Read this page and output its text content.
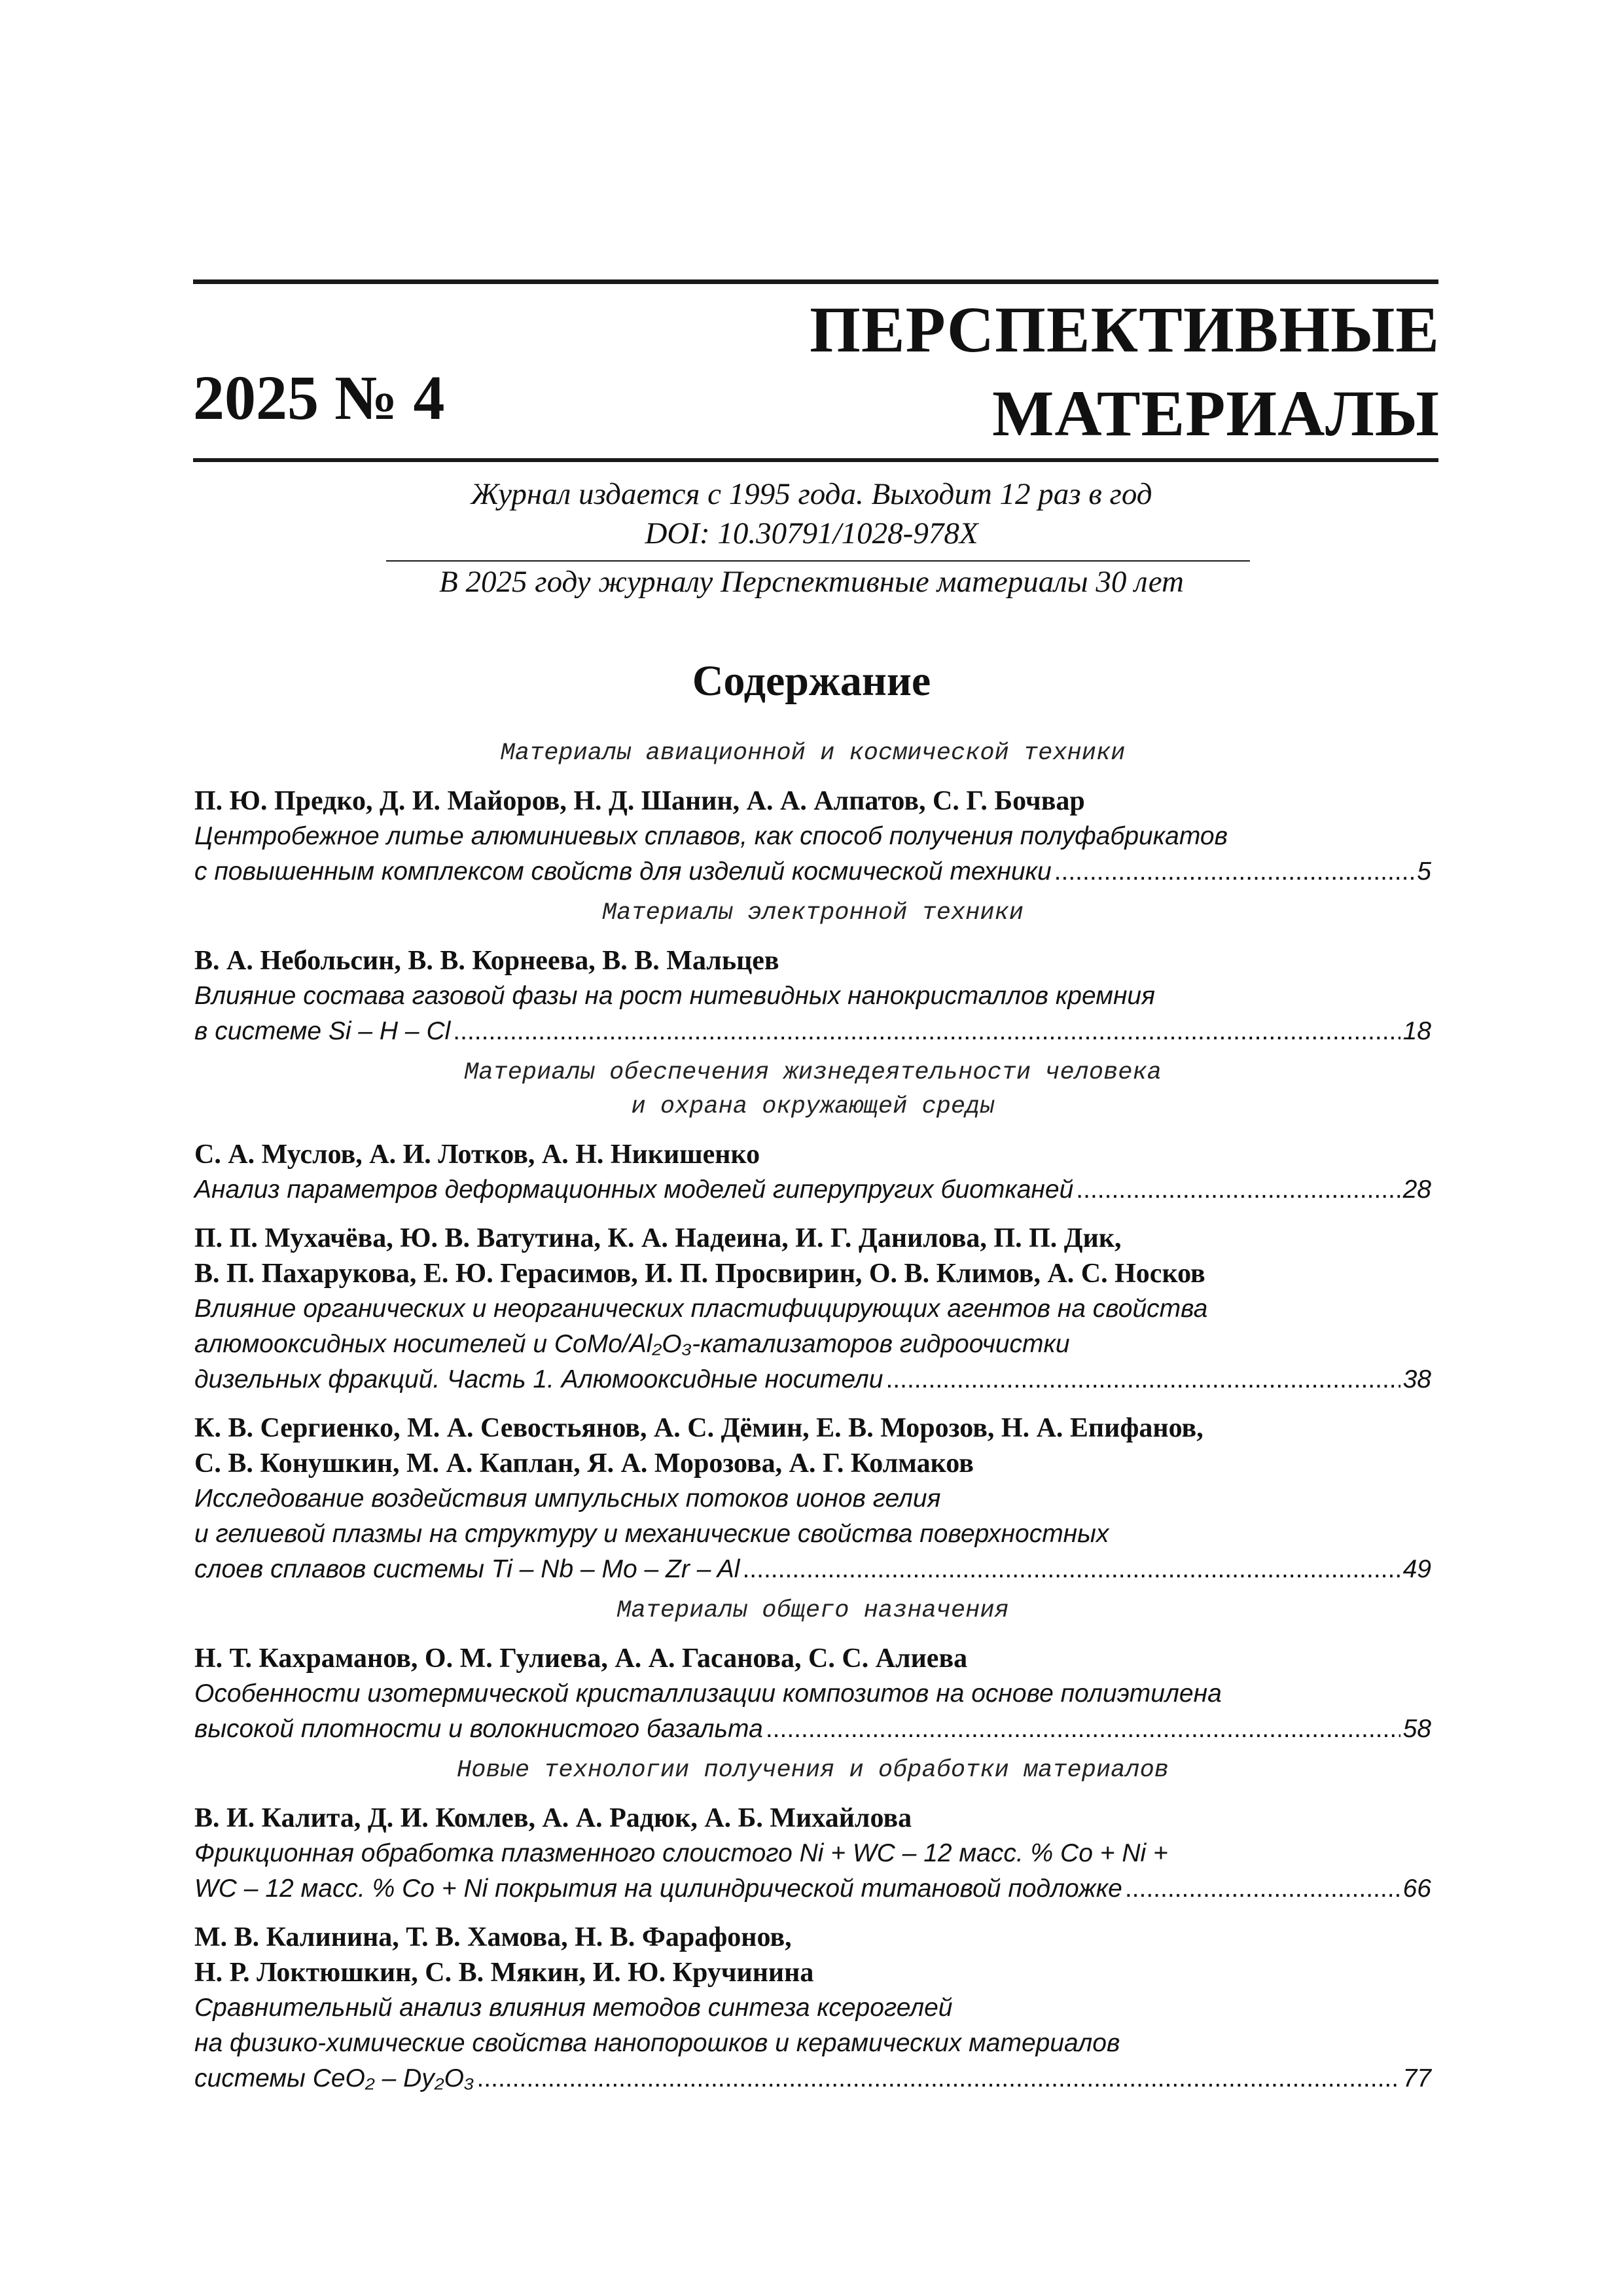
2025 № 4
ПЕРСПЕКТИВНЫЕ
МАТЕРИАЛЫ
Журнал издается с 1995 года. Выходит 12 раз в год
DOI: 10.30791/1028-978X
В 2025 году журналу Перспективные материалы 30 лет
Содержание
Материалы авиационной и космической техники
П. Ю. Предко, Д. И. Майоров, Н. Д. Шанин, А. А. Алпатов, С. Г. Бочвар
Центробежное литье алюминиевых сплавов, как способ получения полуфабрикатов
с повышенным комплексом свойств для изделий космической техники .....	5
Материалы электронной техники
В. А. Небольсин, В. В. Корнеева, В. В. Мальцев
Влияние состава газовой фазы на рост нитевидных нанокристаллов кремния
в системе Si – H – Cl .....	18
Материалы обеспечения жизнедеятельности человека
и охрана окружающей среды
С. А. Муслов, А. И. Лотков, А. Н. Никишенко
Анализ параметров деформационных моделей гиперупругих биотканей .....	28
П. П. Мухачёва, Ю. В. Ватутина, К. А. Надеина, И. Г. Данилова, П. П. Дик,
В. П. Пахарукова, Е. Ю. Герасимов, И. П. Просвирин, О. В. Климов, А. С. Носков
Влияние органических и неорганических пластифицирующих агентов на свойства
алюмооксидных носителей и CoMo/Al₂O₃-катализаторов гидроочистки
дизельных фракций. Часть 1. Алюмооксидные носители .....	38
К. В. Сергиенко, М. А. Севостьянов, А. С. Дёмин, Е. В. Морозов, Н. А. Епифанов,
С. В. Конушкин, М. А. Каплан, Я. А. Морозова, А. Г. Колмаков
Исследование воздействия импульсных потоков ионов гелия
и гелиевой плазмы на структуру и механические свойства поверхностных
слоев сплавов системы Ti – Nb – Mo – Zr – Al .....	49
Материалы общего назначения
Н. Т. Кахраманов, О. М. Гулиева, А. А. Гасанова, С. С. Алиева
Особенности изотермической кристаллизации композитов на основе полиэтилена
высокой плотности и волокнистого базальта .....	58
Новые технологии получения и обработки материалов
В. И. Калита, Д. И. Комлев, А. А. Радюк, А. Б. Михайлова
Фрикционная обработка плазменного слоистого Ni + WC – 12 масс. % Co + Ni +
WC – 12 масс. % Co + Ni покрытия на цилиндрической титановой подложке .....	66
М. В. Калинина, Т. В. Хамова, Н. В. Фарафонов,
Н. Р. Локтюшкин, С. В. Мякин, И. Ю. Кручинина
Сравнительный анализ влияния методов синтеза ксерогелей
на физико-химические свойства нанопорошков и керамических материалов
системы CeO₂ – Dy₂O₃ .....	77
